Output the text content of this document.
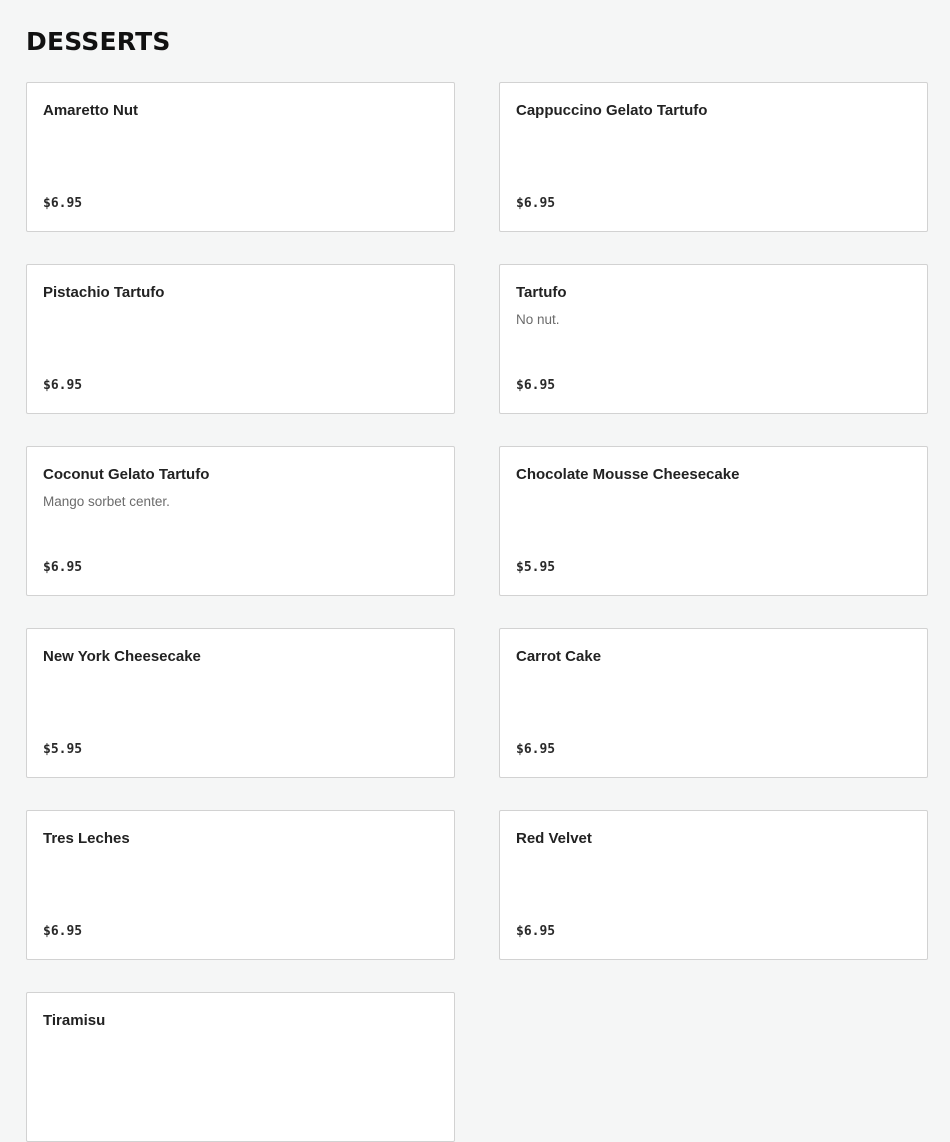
DESSERTS
Amaretto Nut
$6.95
Cappuccino Gelato Tartufo
$6.95
Pistachio Tartufo
$6.95
Tartufo
No nut.
$6.95
Coconut Gelato Tartufo
Mango sorbet center.
$6.95
Chocolate Mousse Cheesecake
$5.95
New York Cheesecake
$5.95
Carrot Cake
$6.95
Tres Leches
$6.95
Red Velvet
$6.95
Tiramisu
